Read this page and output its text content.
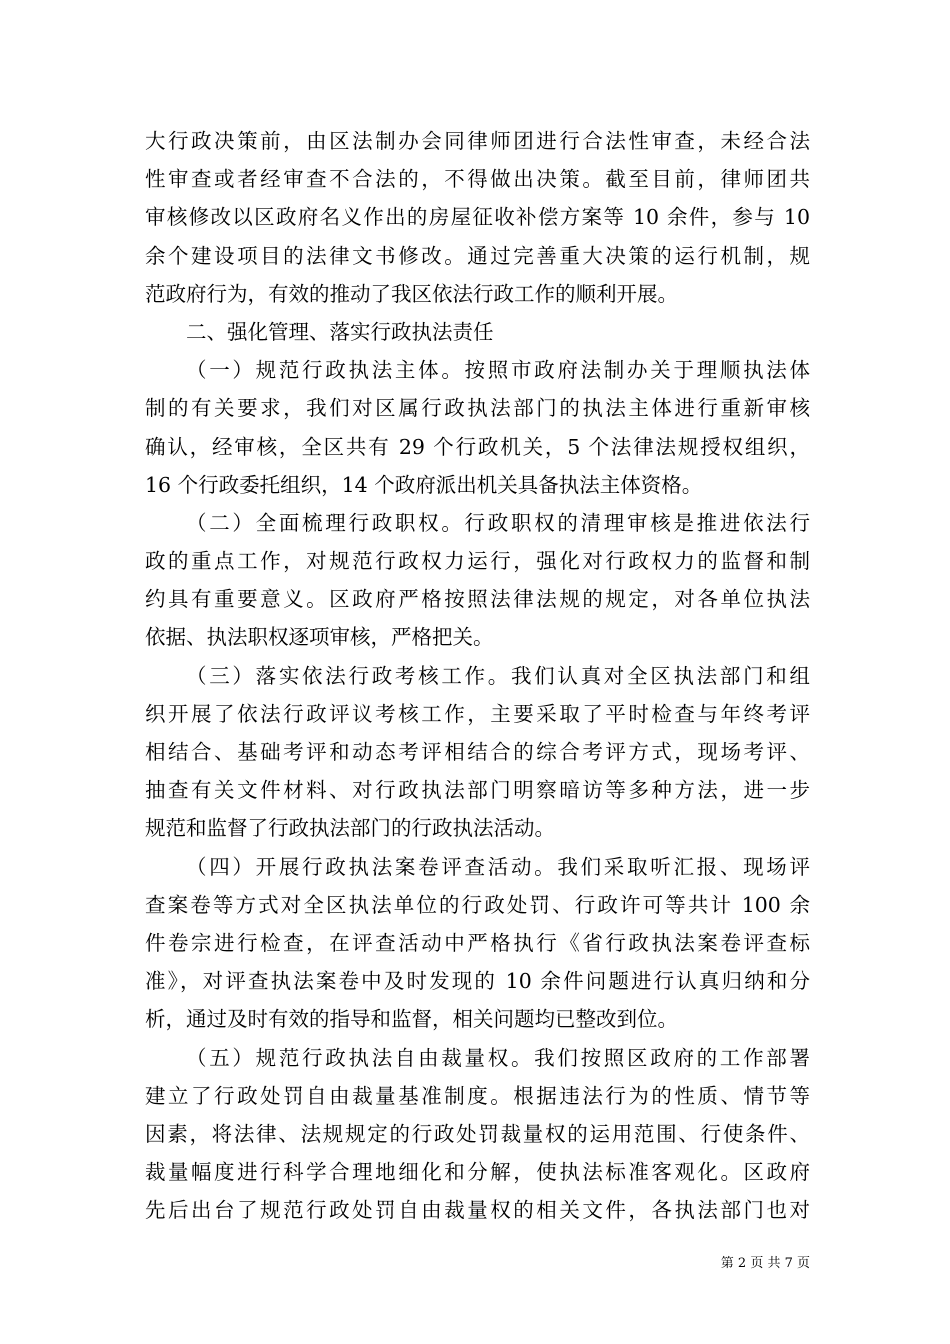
大行政决策前，由区法制办会同律师团进行合法性审查，未经合法
性审查或者经审查不合法的，不得做出决策。截至目前，律师团共
审核修改以区政府名义作出的房屋征收补偿方案等 10 余件，参与 10
余个建设项目的法律文书修改。通过完善重大决策的运行机制，规
范政府行为，有效的推动了我区依法行政工作的顺利开展。
二、强化管理、落实行政执法责任
（一）规范行政执法主体。按照市政府法制办关于理顺执法体
制的有关要求，我们对区属行政执法部门的执法主体进行重新审核
确认，经审核，全区共有 29 个行政机关，5 个法律法规授权组织，
16 个行政委托组织，14 个政府派出机关具备执法主体资格。
（二）全面梳理行政职权。行政职权的清理审核是推进依法行
政的重点工作，对规范行政权力运行，强化对行政权力的监督和制
约具有重要意义。区政府严格按照法律法规的规定，对各单位执法
依据、执法职权逐项审核，严格把关。
（三）落实依法行政考核工作。我们认真对全区执法部门和组
织开展了依法行政评议考核工作，主要采取了平时检查与年终考评
相结合、基础考评和动态考评相结合的综合考评方式，现场考评、
抽查有关文件材料、对行政执法部门明察暗访等多种方法，进一步
规范和监督了行政执法部门的行政执法活动。
（四）开展行政执法案卷评查活动。我们采取听汇报、现场评
查案卷等方式对全区执法单位的行政处罚、行政许可等共计 100 余
件卷宗进行检查，在评查活动中严格执行《省行政执法案卷评查标
准》，对评查执法案卷中及时发现的 10 余件问题进行认真归纳和分
析，通过及时有效的指导和监督，相关问题均已整改到位。
（五）规范行政执法自由裁量权。我们按照区政府的工作部署
建立了行政处罚自由裁量基准制度。根据违法行为的性质、情节等
因素，将法律、法规规定的行政处罚裁量权的运用范围、行使条件、
裁量幅度进行科学合理地细化和分解，使执法标准客观化。区政府
先后出台了规范行政处罚自由裁量权的相关文件，各执法部门也对
第 2 页 共 7 页
